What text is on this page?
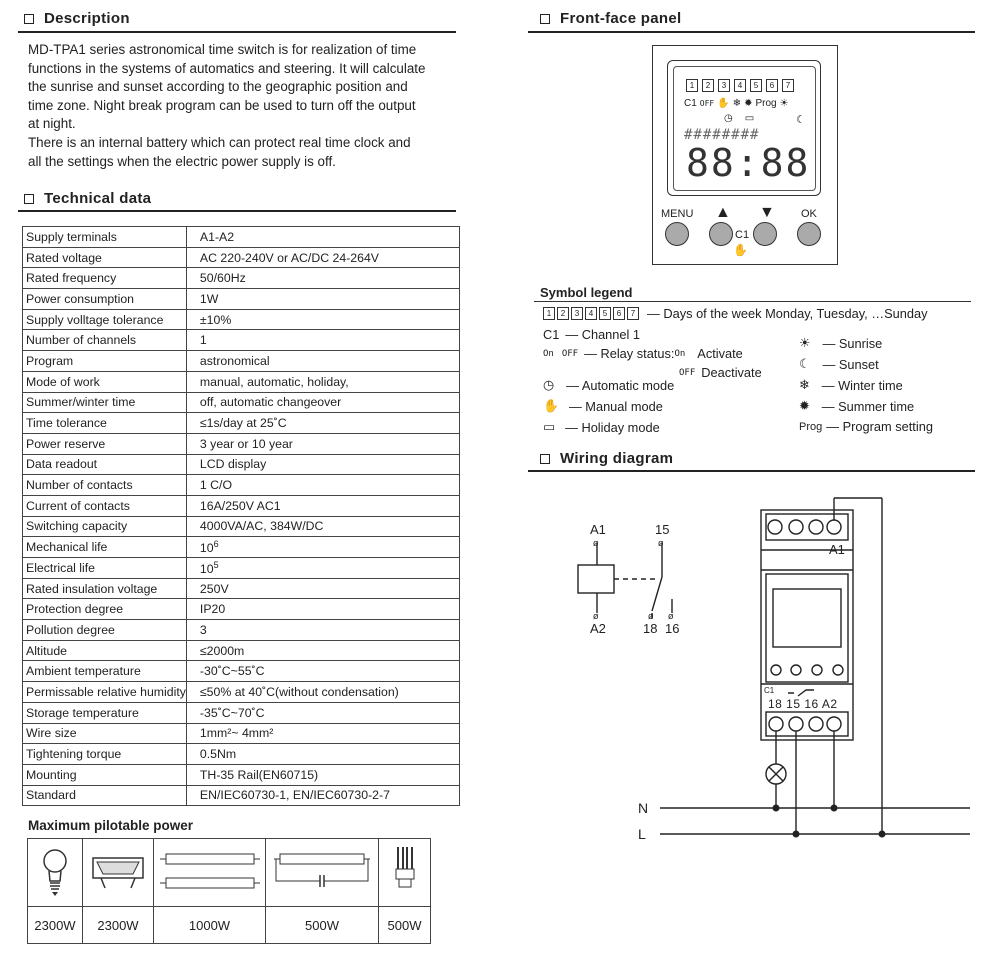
Description

MD-TPA1 series astronomical time switch is for realization of time

functions in the systems of automatics and steering. It will calculate

the sunrise and sunset according to the geographic position and

time zone. Night break program can be used to turn off the output

at night.

There is an internal battery which can protect real time clock and

all the settings when the electric power supply is off.

Technical data
Supply terminals	A1-A2
Rated voltage	AC 220-240V or AC/DC 24-264V
Rated frequency	50/60Hz
Power consumption	1W
Supply volltage tolerance	±10%
Number of channels	1
Program	astronomical
Mode of work	manual, automatic, holiday,
Summer/winter time	off, automatic changeover
Time tolerance	≤1s/day at 25˚C
Power reserve	3 year or 10 year
Data readout	LCD display
Number of contacts	1 C/O
Current of contacts	16A/250V AC1
Switching capacity	4000VA/AC, 384W/DC
Mechanical life	$10^6$
Electrical life	$10^5$
Rated insulation voltage	250V
Protection degree	IP20
Pollution degree	3
Altitude	≤2000m
Ambient temperature	-30˚C~55˚C
Permissable relative humidity	≤50% at 40˚C(without condensation)
Storage temperature	-35˚C~70˚C
Wire size	1mm²~ 4mm²
Tightening torque	0.5Nm
Mounting	TH-35 Rail(EN60715)
Standard	EN/IEC60730-1, EN/IEC60730-2-7
Maximum pilotable power

2300W	2300W	1000W	500W	500W
Front-face panel
1	2	3	4	5	6	7
C1 OFF ✋ ❄ ✹ Prog ☀
◷ ▭	☾
########
88:88
MENU ▲ ▼ OK
C1
✋
Symbol legend
1	2	3	4	5	6	7 — Days of the week Monday, Tuesday, …Sunday
C1 — Channel 1
On OFF — Relay status: On Activate
OFF Deactivate
◷ — Automatic mode
✋ — Manual mode
▭ — Holiday mode
☀ — Sunrise
☾ — Sunset
❄ — Winter time
✹ — Summer time
Prog — Program setting
Wiring diagram
ø
ø
ø
ø ø
A1
A2
15
18 16
A1
C1
18 15 16 A2
N
L
